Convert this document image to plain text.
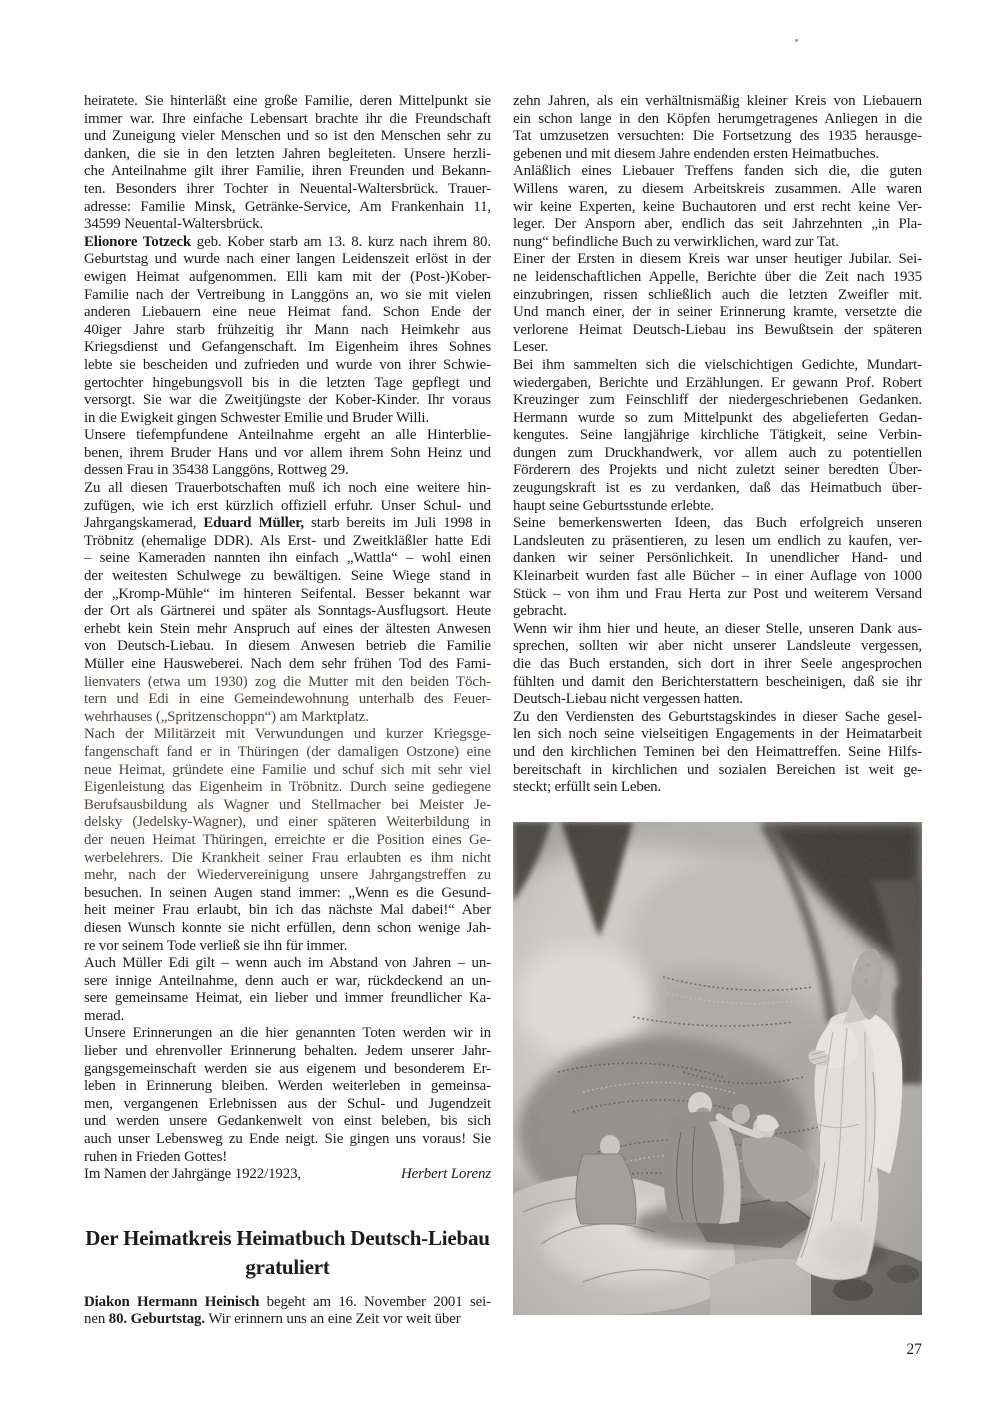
heiratete. Sie hinterläßt eine große Familie, deren Mittelpunkt sie
immer war. Ihre einfache Lebensart brachte ihr die Freundschaft
und Zuneigung vieler Menschen und so ist den Menschen sehr zu
danken, die sie in den letzten Jahren begleiteten. Unsere herzli-
che Anteilnahme gilt ihrer Familie, ihren Freunden und Bekann-
ten. Besonders ihrer Tochter in Neuental-Waltersbrück. Trauer-
adresse: Familie Minsk, Getränke-Service, Am Frankenhain 11,
34599 Neuental-Waltersbrück.
Elionore Totzeck geb. Kober starb am 13. 8. kurz nach ihrem 80.
Geburtstag und wurde nach einer langen Leidenszeit erlöst in der
ewigen Heimat aufgenommen. Elli kam mit der (Post-)Kober-
Familie nach der Vertreibung in Langgöns an, wo sie mit vielen
anderen Liebauern eine neue Heimat fand. Schon Ende der
40iger Jahre starb frühzeitig ihr Mann nach Heimkehr aus
Kriegsdienst und Gefangenschaft. Im Eigenheim ihres Sohnes
lebte sie bescheiden und zufrieden und wurde von ihrer Schwie-
gertochter hingebungsvoll bis in die letzten Tage gepflegt und
versorgt. Sie war die Zweitjüngste der Kober-Kinder. Ihr voraus
in die Ewigkeit gingen Schwester Emilie und Bruder Willi.
Unsere tiefempfundene Anteilnahme ergeht an alle Hinterblie-
benen, ihrem Bruder Hans und vor allem ihrem Sohn Heinz und
dessen Frau in 35438 Langgöns, Rottweg 29.
Zu all diesen Trauerbotschaften muß ich noch eine weitere hin-
zufügen, wie ich erst kürzlich offiziell erfuhr. Unser Schul- und
Jahrgangskamerad, Eduard Müller, starb bereits im Juli 1998 in
Tröbnitz (ehemalige DDR). Als Erst- und Zweitkläßler hatte Edi
– seine Kameraden nannten ihn einfach „Wattla“ – wohl einen
der weitesten Schulwege zu bewältigen. Seine Wiege stand in
der „Kromp-Mühle“ im hinteren Seifental. Besser bekannt war
der Ort als Gärtnerei und später als Sonntags-Ausflugsort. Heute
erhebt kein Stein mehr Anspruch auf eines der ältesten Anwesen
von Deutsch-Liebau. In diesem Anwesen betrieb die Familie
Müller eine Hausweberei. Nach dem sehr frühen Tod des Fami-
lienvaters (etwa um 1930) zog die Mutter mit den beiden Töch-
tern und Edi in eine Gemeindewohnung unterhalb des Feuer-
wehrhauses („Spritzenschoppn“) am Marktplatz.
Nach der Militärzeit mit Verwundungen und kurzer Kriegsge-
fangenschaft fand er in Thüringen (der damaligen Ostzone) eine
neue Heimat, gründete eine Familie und schuf sich mit sehr viel
Eigenleistung das Eigenheim in Tröbnitz. Durch seine gediegene
Berufsausbildung als Wagner und Stellmacher bei Meister Je-
delsky (Jedelsky-Wagner), und einer späteren Weiterbildung in
der neuen Heimat Thüringen, erreichte er die Position eines Ge-
werbelehrers. Die Krankheit seiner Frau erlaubten es ihm nicht
mehr, nach der Wiedervereinigung unsere Jahrgangstreffen zu
besuchen. In seinen Augen stand immer: „Wenn es die Gesund-
heit meiner Frau erlaubt, bin ich das nächste Mal dabei!“ Aber
diesen Wunsch konnte sie nicht erfüllen, denn schon wenige Jah-
re vor seinem Tode verließ sie ihn für immer.
Auch Müller Edi gilt – wenn auch im Abstand von Jahren – un-
sere innige Anteilnahme, denn auch er war, rückdeckend an un-
sere gemeinsame Heimat, ein lieber und immer freundlicher Ka-
merad.
Unsere Erinnerungen an die hier genannten Toten werden wir in
lieber und ehrenvoller Erinnerung behalten. Jedem unserer Jahr-
gangsgemeinschaft werden sie aus eigenem und besonderem Er-
leben in Erinnerung bleiben. Werden weiterleben in gemeinsa-
men, vergangenen Erlebnissen aus der Schul- und Jugendzeit
und werden unsere Gedankenwelt von einst beleben, bis sich
auch unser Lebensweg zu Ende neigt. Sie gingen uns voraus! Sie
ruhen in Frieden Gottes!
Im Namen der Jahrgänge 1922/1923,	Herbert Lorenz
Der Heimatkreis Heimatbuch Deutsch-Liebau
gratuliert
Diakon Hermann Heinisch begeht am 16. November 2001 sei-
nen 80. Geburtstag. Wir erinnern uns an eine Zeit vor weit über
zehn Jahren, als ein verhältnismäßig kleiner Kreis von Liebauern
ein schon lange in den Köpfen herumgetragenes Anliegen in die
Tat umzusetzen versuchten: Die Fortsetzung des 1935 herausge-
gebenen und mit diesem Jahre endenden ersten Heimatbuches.
Anläßlich eines Liebauer Treffens fanden sich die, die guten
Willens waren, zu diesem Arbeitskreis zusammen. Alle waren
wir keine Experten, keine Buchautoren und erst recht keine Ver-
leger. Der Ansporn aber, endlich das seit Jahrzehnten „in Pla-
nung“ befindliche Buch zu verwirklichen, ward zur Tat.
Einer der Ersten in diesem Kreis war unser heutiger Jubilar. Sei-
ne leidenschaftlichen Appelle, Berichte über die Zeit nach 1935
einzubringen, rissen schließlich auch die letzten Zweifler mit.
Und manch einer, der in seiner Erinnerung kramte, versetzte die
verlorene Heimat Deutsch-Liebau ins Bewußtsein der späteren
Leser.
Bei ihm sammelten sich die vielschichtigen Gedichte, Mundart-
wiedergaben, Berichte und Erzählungen. Er gewann Prof. Robert
Kreuzinger zum Feinschliff der niedergeschriebenen Gedanken.
Hermann wurde so zum Mittelpunkt des abgelieferten Gedan-
kengutes. Seine langjährige kirchliche Tätigkeit, seine Verbin-
dungen zum Druckhandwerk, vor allem auch zu potentiellen
Förderern des Projekts und nicht zuletzt seiner beredten Über-
zeugungskraft ist es zu verdanken, daß das Heimatbuch über-
haupt seine Geburtsstunde erlebte.
Seine bemerkenswerten Ideen, das Buch erfolgreich unseren
Landsleuten zu präsentieren, zu lesen um endlich zu kaufen, ver-
danken wir seiner Persönlichkeit. In unendlicher Hand- und
Kleinarbeit wurden fast alle Bücher – in einer Auflage von 1000
Stück – von ihm und Frau Herta zur Post und weiterem Versand
gebracht.
Wenn wir ihm hier und heute, an dieser Stelle, unseren Dank aus-
sprechen, sollten wir aber nicht unserer Landsleute vergessen,
die das Buch erstanden, sich dort in ihrer Seele angesprochen
fühlten und damit den Berichterstattern bescheinigen, daß sie ihr
Deutsch-Liebau nicht vergessen hatten.
Zu den Verdiensten des Geburtstagskindes in dieser Sache gesel-
len sich noch seine vielseitigen Engagements in der Heimatarbeit
und den kirchlichen Teminen bei den Heimattreffen. Seine Hilfs-
bereitschaft in kirchlichen und sozialen Bereichen ist weit ge-
steckt; erfüllt sein Leben.
27
